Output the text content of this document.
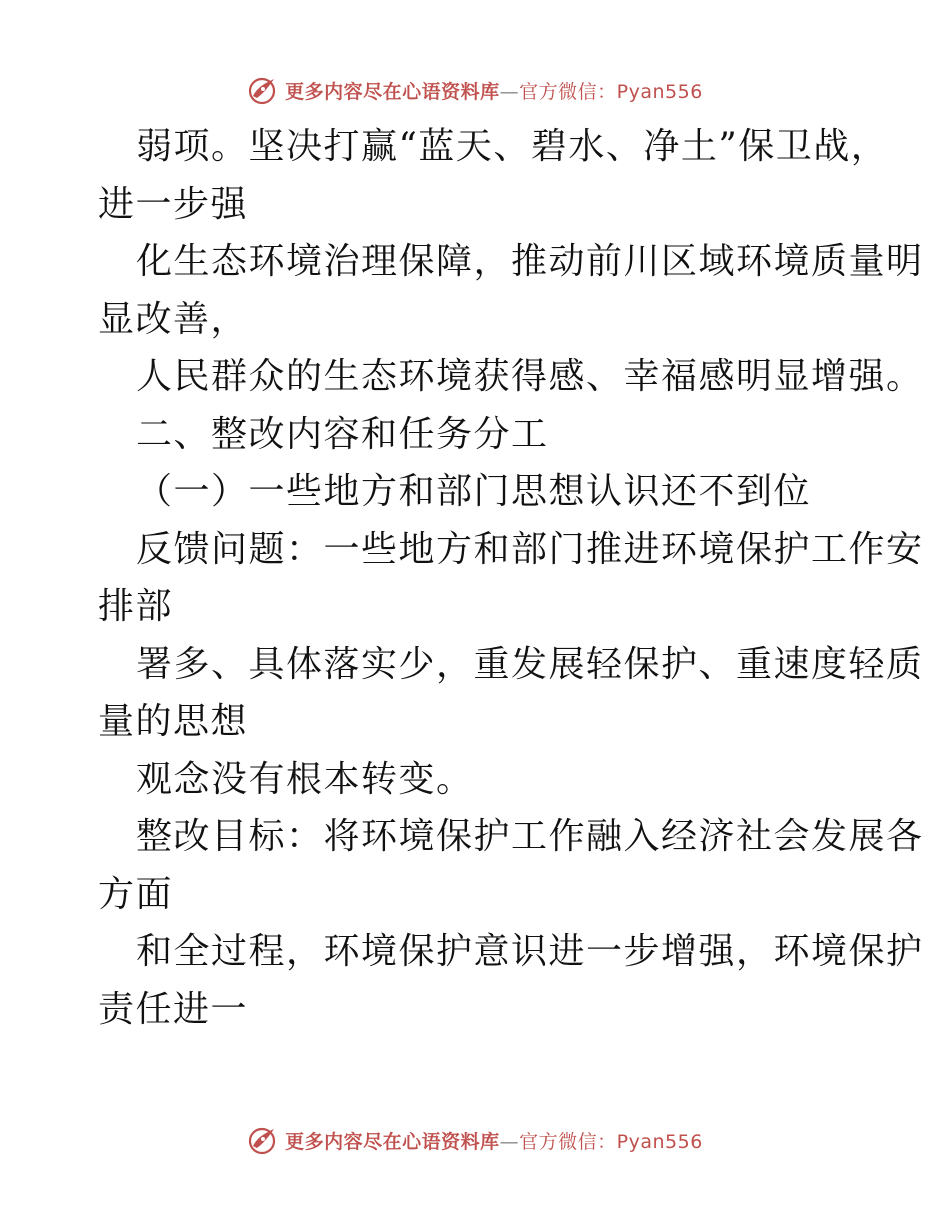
更多内容尽在心语资料库—官方微信：Pyan556
弱项。坚决打赢“蓝天、碧水、净土”保卫战，
进一步强
化生态环境治理保障，推动前川区域环境质量明
显改善，
人民群众的生态环境获得感、幸福感明显增强。
二、整改内容和任务分工
（一）一些地方和部门思想认识还不到位
反馈问题：一些地方和部门推进环境保护工作安
排部
署多、具体落实少，重发展轻保护、重速度轻质
量的思想
观念没有根本转变。
整改目标：将环境保护工作融入经济社会发展各
方面
和全过程，环境保护意识进一步增强，环境保护
责任进一
更多内容尽在心语资料库—官方微信：Pyan556
